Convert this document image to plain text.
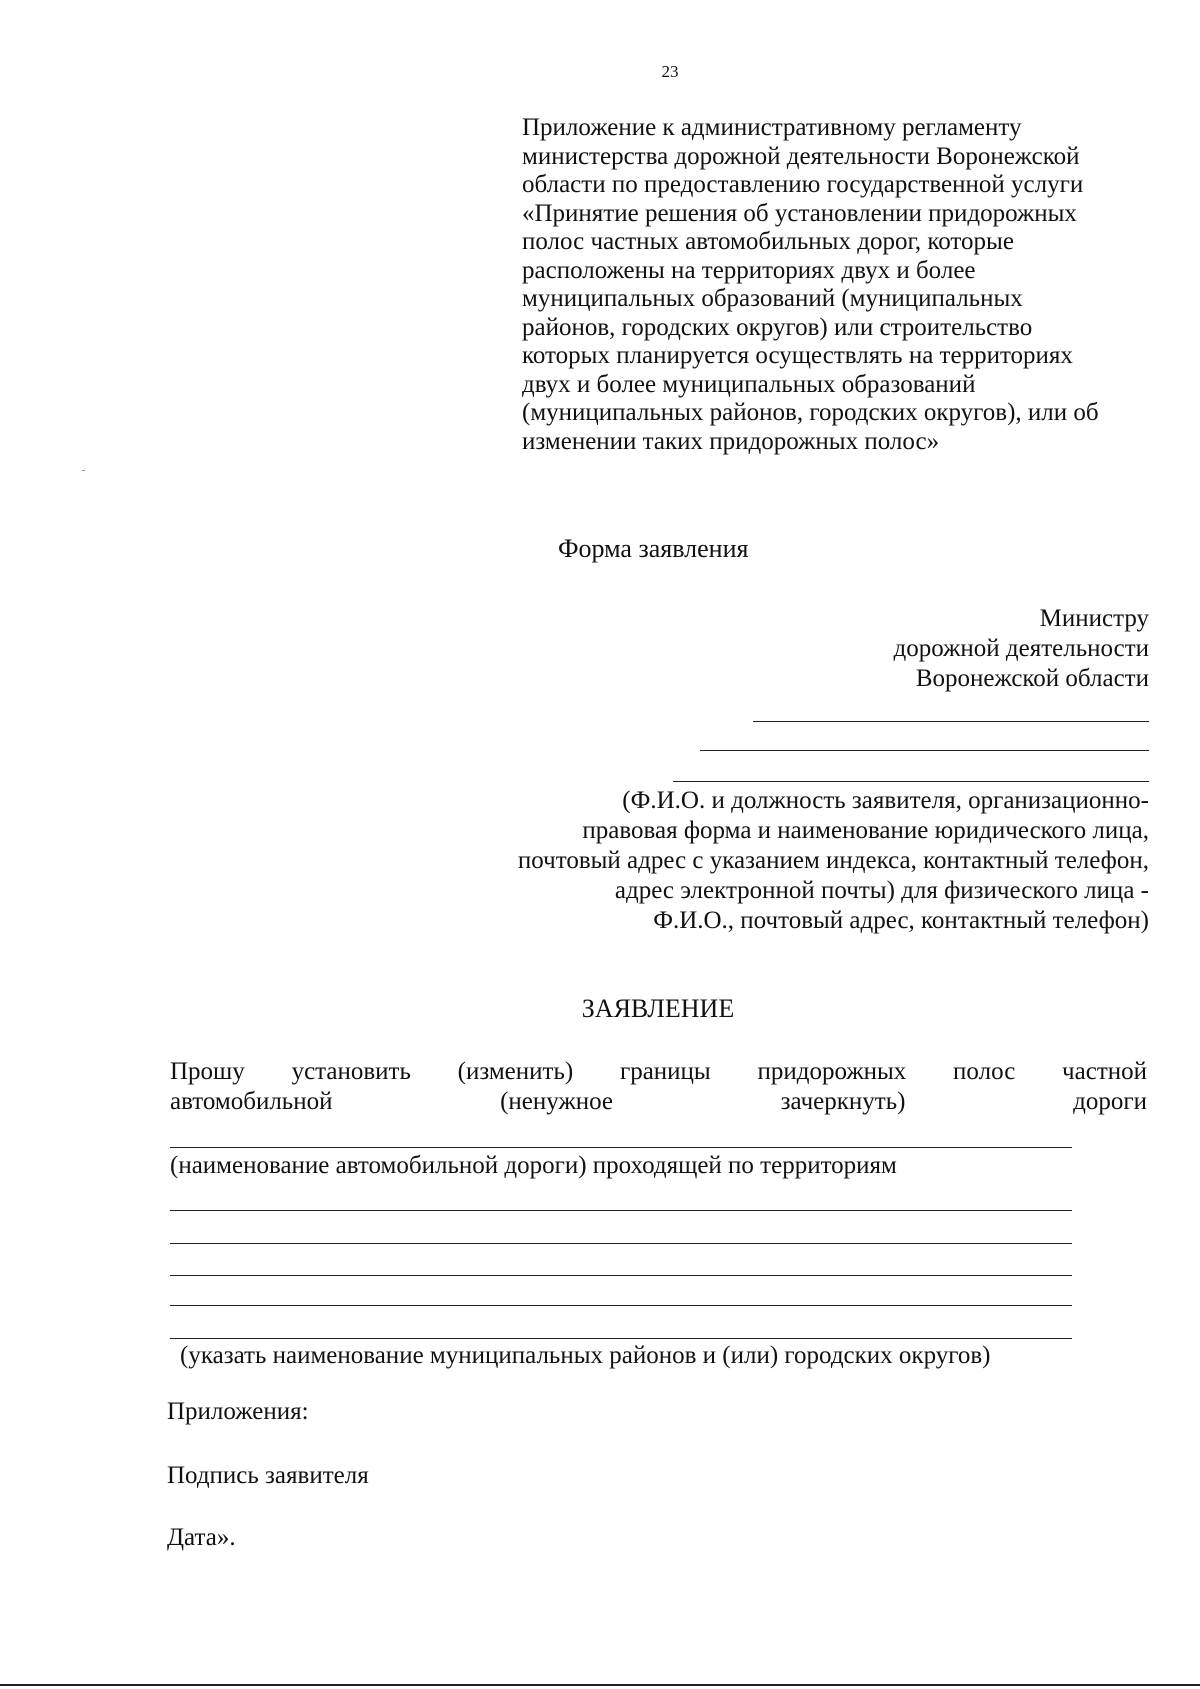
23
Приложение к административному регламенту
министерства дорожной деятельности Воронежской
области по предоставлению государственной услуги
«Принятие решения об установлении придорожных
полос частных автомобильных дорог, которые
расположены на территориях двух и более
муниципальных образований (муниципальных
районов, городских округов) или строительство
которых планируется осуществлять на территориях
двух и более муниципальных образований
(муниципальных районов, городских округов), или об
изменении таких придорожных полос»
Форма заявления
Министру
дорожной деятельности
Воронежской области
(Ф.И.О. и должность заявителя, организационно-
правовая форма и наименование юридического лица,
почтовый адрес с указанием индекса, контактный телефон,
адрес электронной почты) для физического лица -
Ф.И.О., почтовый адрес, контактный телефон)
ЗАЯВЛЕНИЕ
Прошу установить (изменить) границы придорожных полос частной
автомобильной	(ненужное	зачеркнуть)	дороги
(наименование автомобильной дороги) проходящей по территориям
(указать наименование муниципальных районов и (или) городских округов)
Приложения:
Подпись заявителя
Дата».
